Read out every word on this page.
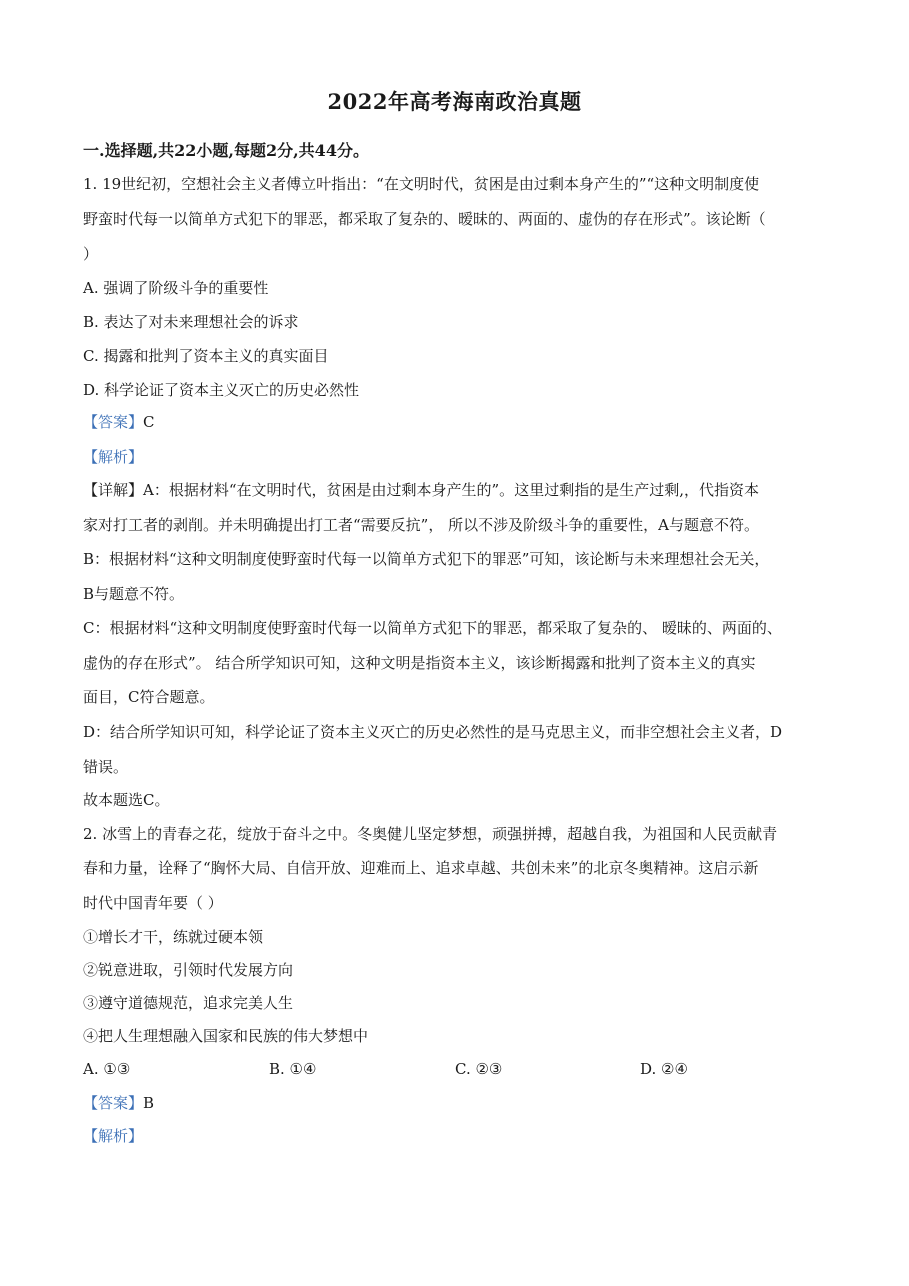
2022年高考海南政治真题
一.选择题,共22小题,每题2分,共44分。
1. 19世纪初，空想社会主义者傅立叶指出：“在文明时代，贫困是由过剩本身产生的”“这种文明制度使
野蛮时代每一以简单方式犯下的罪恶，都采取了复杂的、暧昧的、两面的、虚伪的存在形式”。该论断（
）
A. 强调了阶级斗争的重要性
B. 表达了对未来理想社会的诉求
C. 揭露和批判了资本主义的真实面目
D. 科学论证了资本主义灭亡的历史必然性
【答案】C
【解析】
【详解】A：根据材料“在文明时代，贫困是由过剩本身产生的”。这里过剩指的是生产过剩,，代指资本
家对打工者的剥削。并未明确提出打工者“需要反抗”， 所以不涉及阶级斗争的重要性，A与题意不符。
B：根据材料“这种文明制度使野蛮时代每一以简单方式犯下的罪恶”可知，该论断与未来理想社会无关，
B与题意不符。
C：根据材料“这种文明制度使野蛮时代每一以简单方式犯下的罪恶，都采取了复杂的、 暧昧的、两面的、
虚伪的存在形式”。 结合所学知识可知，这种文明是指资本主义，该诊断揭露和批判了资本主义的真实
面目，C符合题意。
D：结合所学知识可知，科学论证了资本主义灭亡的历史必然性的是马克思主义，而非空想社会主义者，D
错误。
故本题选C。
2. 冰雪上的青春之花，绽放于奋斗之中。冬奥健儿坚定梦想，顽强拼搏，超越自我，为祖国和人民贡献青
春和力量，诠释了“胸怀大局、自信开放、迎难而上、追求卓越、共创未来”的北京冬奥精神。这启示新
时代中国青年要（ ）
①增长才干，练就过硬本领
②锐意进取，引领时代发展方向
③遵守道德规范，追求完美人生
④把人生理想融入国家和民族的伟大梦想中
A. ①③	B. ①④	C. ②③	D. ②④
【答案】B
【解析】
